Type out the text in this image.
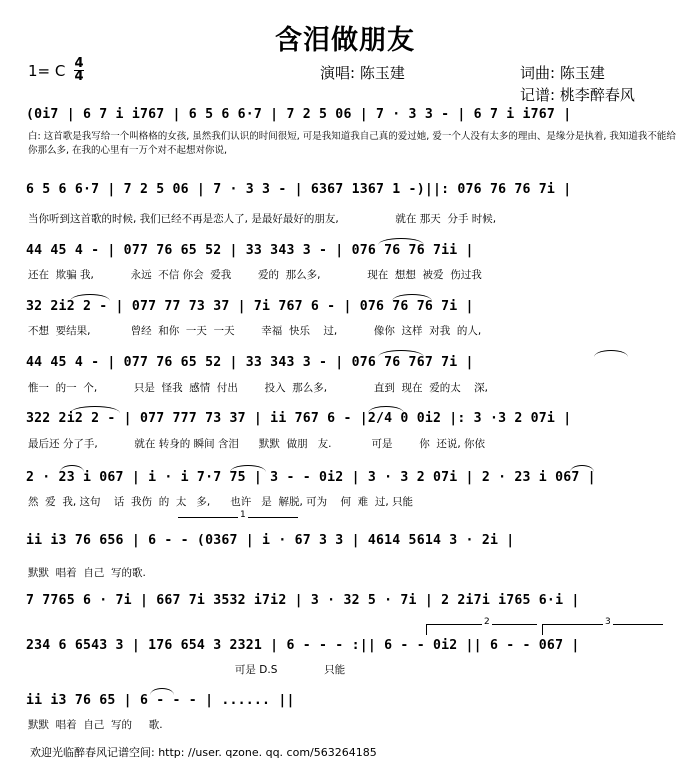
含泪做朋友
1= C 4
4	演唱: 陈玉建	词曲: 陈玉建
记谱: 桃李醉春风
(0i7 | 6 7 i i767 | 6 5 6 6·7 | 7 2 5 06 | 7 · 3 3 - | 6 7 i i767 |
白: 这首歌是我写给一个叫格格的女孩, 虽然我们认识的时间很短, 可是我知道我自己真的爱过她, 爱一个人没有太多的理由、是缘分是执着, 我知道我不能给你那么多, 在我的心里有一万个对不起想对你说,
6 5 6 6·7 | 7 2 5 06 | 7 · 3 3 - | 6367 1367 1 -)||: 076 76 76 7i |
当你听到这首歌的时候, 我们已经不再是恋人了, 是最好最好的朋友,                 就在 那天  分手 时候,
44 45 4 - | 077 76 65 52 | 33 343 3 - | 076 76 76 7ii |
还在  欺骗 我,           永远  不信 你会  爱我        爱的  那么多,              现在  想想  被爱  伤过我
32 2i2 2 - | 077 77 73 37 | 7i 767 6 - | 076 76 76 7i |
不想  要结果,            曾经  和你  一天  一天        幸福  快乐    过,           像你  这样  对我  的人,
44 45 4 - | 077 76 65 52 | 33 343 3 - | 076 76 767 7i |
惟一  的一  个,           只是  怪我  感情  付出        投入  那么多,              直到  现在  爱的太    深,
322 2i2 2 - | 077 777 73 37 | ii 767 6 - |2/4 0 0i2 |: 3 ·3 2 07i |
最后还 分了手,           就在 转身的 瞬间 含泪      默默  做朋   友.            可是        你  还说, 你依
2 · 23 i 067 | i · i 7·7 75 | 3 - - 0i2 | 3 · 3 2 07i | 2 · 23 i 067 |
然  爱  我, 这句    话  我伤  的  太   多,      也许   是  解脱, 可为    何  难  过, 只能
1
ii i3 76 656 | 6 - - (0367 | i · 67 3 3 | 4614 5614 3 · 2i |
默默  唱着  自己  写的歌.
7 7765 6 · 7i | 667 7i 3532 i7i2 | 3 · 32 5 · 7i | 2 2i7i i765 6·i |
2	3
234 6 6543 3 | 176 654 3 2321 | 6 - - - :|| 6 - - 0i2 || 6 - - 067 |
可是 D.S              只能
ii i3 76 65 | 6 - - - | ...... ||
默默  唱着  自己  写的     歌.
欢迎光临醉春风记谱空间: http: //user. qzone. qq. com/563264185
